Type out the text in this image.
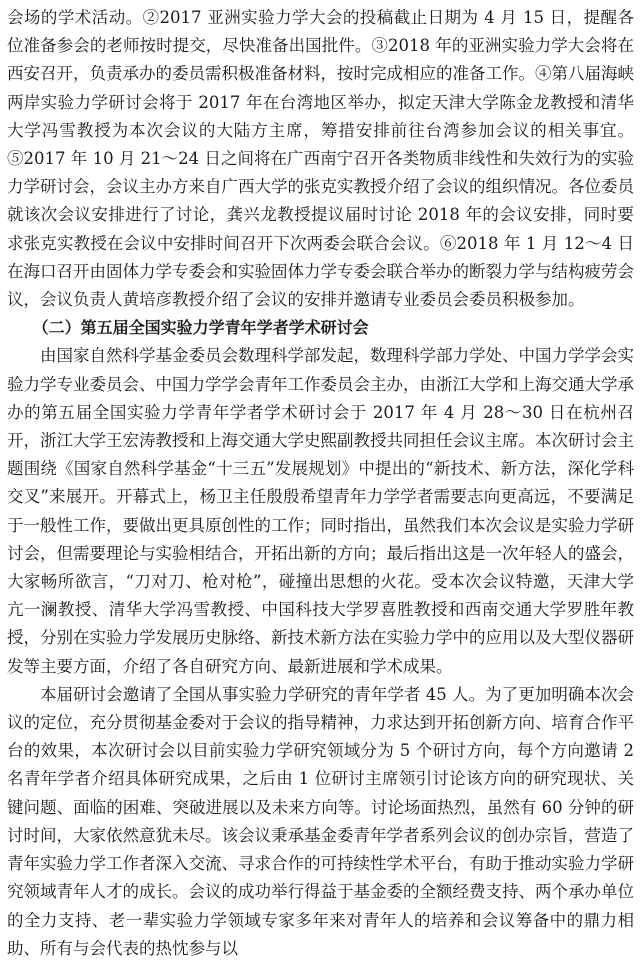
会场的学术活动。②2017 亚洲实验力学大会的投稿截止日期为 4 月 15 日，提醒各位准备参会的老师按时提交，尽快准备出国批件。③2018 年的亚洲实验力学大会将在西安召开，负责承办的委员需积极准备材料，按时完成相应的准备工作。④第八届海峡两岸实验力学研讨会将于 2017 年在台湾地区举办，拟定天津大学陈金龙教授和清华大学冯雪教授为本次会议的大陆方主席，筹措安排前往台湾参加会议的相关事宜。⑤2017 年 10 月 21～24 日之间将在广西南宁召开各类物质非线性和失效行为的实验力学研讨会，会议主办方来自广西大学的张克实教授介绍了会议的组织情况。各位委员就该次会议安排进行了讨论，龚兴龙教授提议届时讨论 2018 年的会议安排，同时要求张克实教授在会议中安排时间召开下次两委会联合会议。⑥2018 年 1 月 12～4 日在海口召开由固体力学专委会和实验固体力学专委会联合举办的断裂力学与结构疲劳会议，会议负责人黄培彦教授介绍了会议的安排并邀请专业委员会委员积极参加。

（二）第五届全国实验力学青年学者学术研讨会

由国家自然科学基金委员会数理科学部发起，数理科学部力学处、中国力学学会实验力学专业委员会、中国力学学会青年工作委员会主办，由浙江大学和上海交通大学承办的第五届全国实验力学青年学者学术研讨会于 2017 年 4 月 28～30 日在杭州召开，浙江大学王宏涛教授和上海交通大学史熙副教授共同担任会议主席。本次研讨会主题围绕《国家自然科学基金“十三五”发展规划》中提出的“新技术、新方法，深化学科交叉”来展开。开幕式上，杨卫主任殷殷希望青年力学学者需要志向更高远，不要满足于一般性工作，要做出更具原创性的工作；同时指出，虽然我们本次会议是实验力学研讨会，但需要理论与实验相结合，开拓出新的方向；最后指出这是一次年轻人的盛会，大家畅所欲言，“刀对刀、枪对枪”，碰撞出思想的火花。受本次会议特邀，天津大学亢一澜教授、清华大学冯雪教授、中国科技大学罗喜胜教授和西南交通大学罗胜年教授，分别在实验力学发展历史脉络、新技术新方法在实验力学中的应用以及大型仪器研发等主要方面，介绍了各自研究方向、最新进展和学术成果。

本届研讨会邀请了全国从事实验力学研究的青年学者 45 人。为了更加明确本次会议的定位，充分贯彻基金委对于会议的指导精神，力求达到开拓创新方向、培育合作平台的效果，本次研讨会以目前实验力学研究领域分为 5 个研讨方向，每个方向邀请 2 名青年学者介绍具体研究成果，之后由 1 位研讨主席领引讨论该方向的研究现状、关键问题、面临的困难、突破进展以及未来方向等。讨论场面热烈，虽然有 60 分钟的研讨时间，大家依然意犹未尽。该会议秉承基金委青年学者系列会议的创办宗旨，营造了青年实验力学工作者深入交流、寻求合作的可持续性学术平台，有助于推动实验力学研究领域青年人才的成长。会议的成功举行得益于基金委的全额经费支持、两个承办单位的全力支持、老一辈实验力学领域专家多年来对青年人的培养和会议筹备中的鼎力相助、所有与会代表的热忱参与以
